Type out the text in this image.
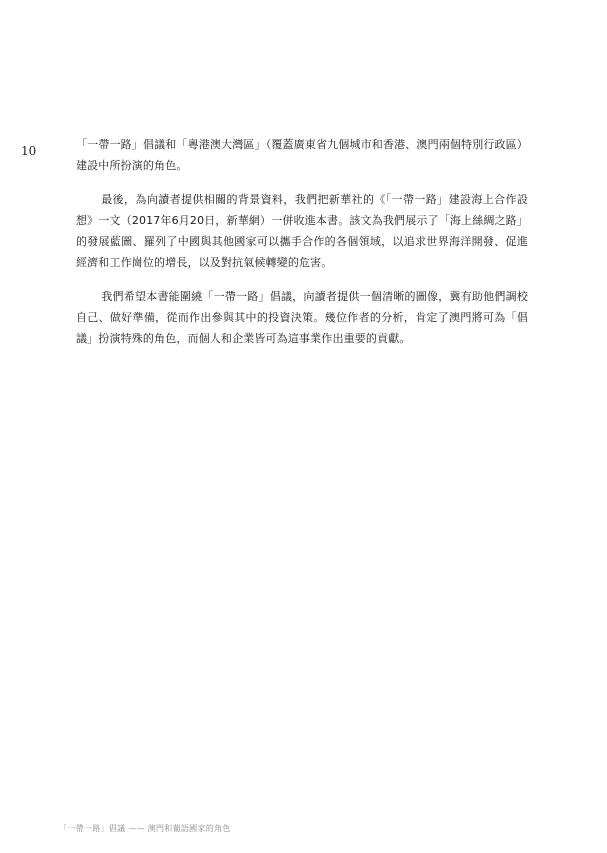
10	「一帶一路」倡議和「粵港澳大灣區」（覆蓋廣東省九個城市和香港、澳門兩個特別行政區）建設中所扮演的角色。

最後，為向讀者提供相關的背景資料，我們把新華社的《「一帶一路」建設海上合作設想》一文（2017年6月20日，新華網）一併收進本書。該文為我們展示了「海上絲綢之路」的發展藍圖、羅列了中國與其他國家可以攜手合作的各個領域，以追求世界海洋開發、促進經濟和工作崗位的增長，以及對抗氣候轉變的危害。

我們希望本書能圍繞「一帶一路」倡議，向讀者提供一個清晰的圖像，冀有助他們調校自己、做好準備，從而作出參與其中的投資決策。幾位作者的分析，肯定了澳門將可為「倡議」扮演特殊的角色，而個人和企業皆可為這事業作出重要的貢獻。

「一帶一路」倡議 —— 澳門和葡語國家的角色
